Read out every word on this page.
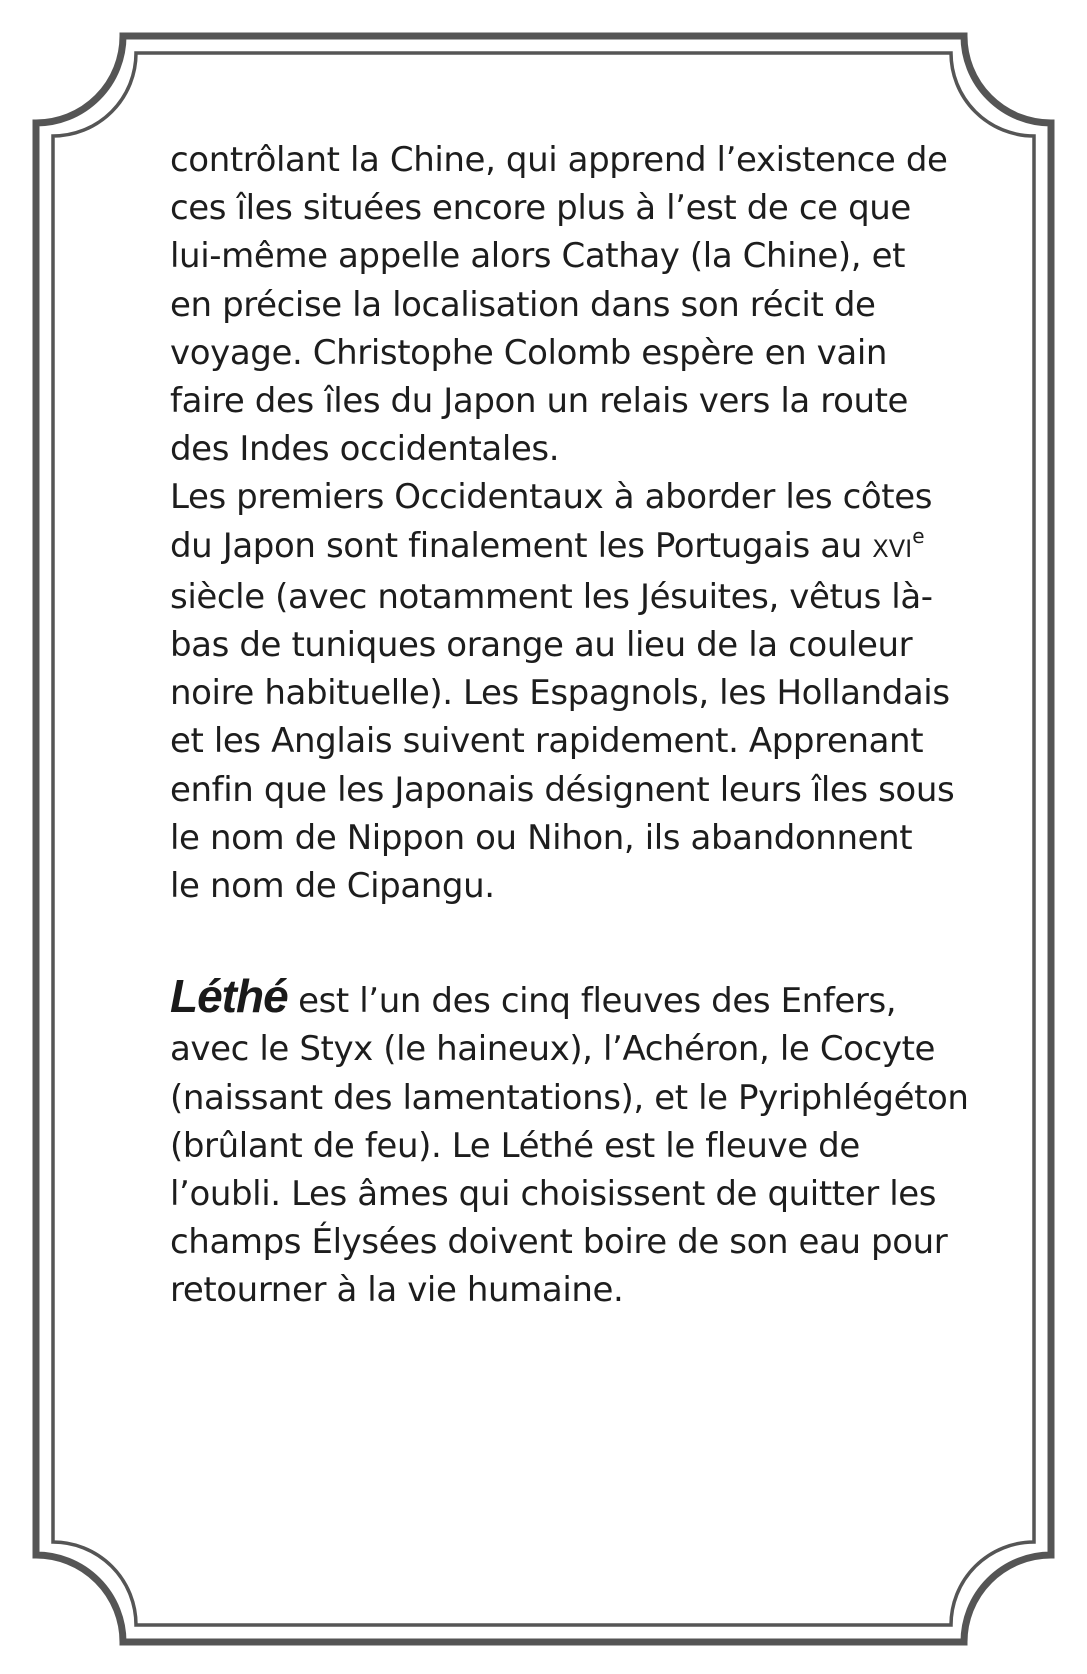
contrôlant la Chine, qui apprend l’existence de
ces îles situées encore plus à l’est de ce que
lui-même appelle alors Cathay (la Chine), et
en précise la localisation dans son récit de
voyage. Christophe Colomb espère en vain
faire des îles du Japon un relais vers la route
des Indes occidentales.
Les premiers Occidentaux à aborder les côtes
du Japon sont finalement les Portugais au XVIe
siècle (avec notamment les Jésuites, vêtus là-
bas de tuniques orange au lieu de la couleur
noire habituelle). Les Espagnols, les Hollandais
et les Anglais suivent rapidement. Apprenant
enfin que les Japonais désignent leurs îles sous
le nom de Nippon ou Nihon, ils abandonnent
le nom de Cipangu.
Léthé est l’un des cinq fleuves des Enfers,
avec le Styx (le haineux), l’Achéron, le Cocyte
(naissant des lamentations), et le Pyriphlégéton
(brûlant de feu). Le Léthé est le fleuve de
l’oubli. Les âmes qui choisissent de quitter les
champs Élysées doivent boire de son eau pour
retourner à la vie humaine.
